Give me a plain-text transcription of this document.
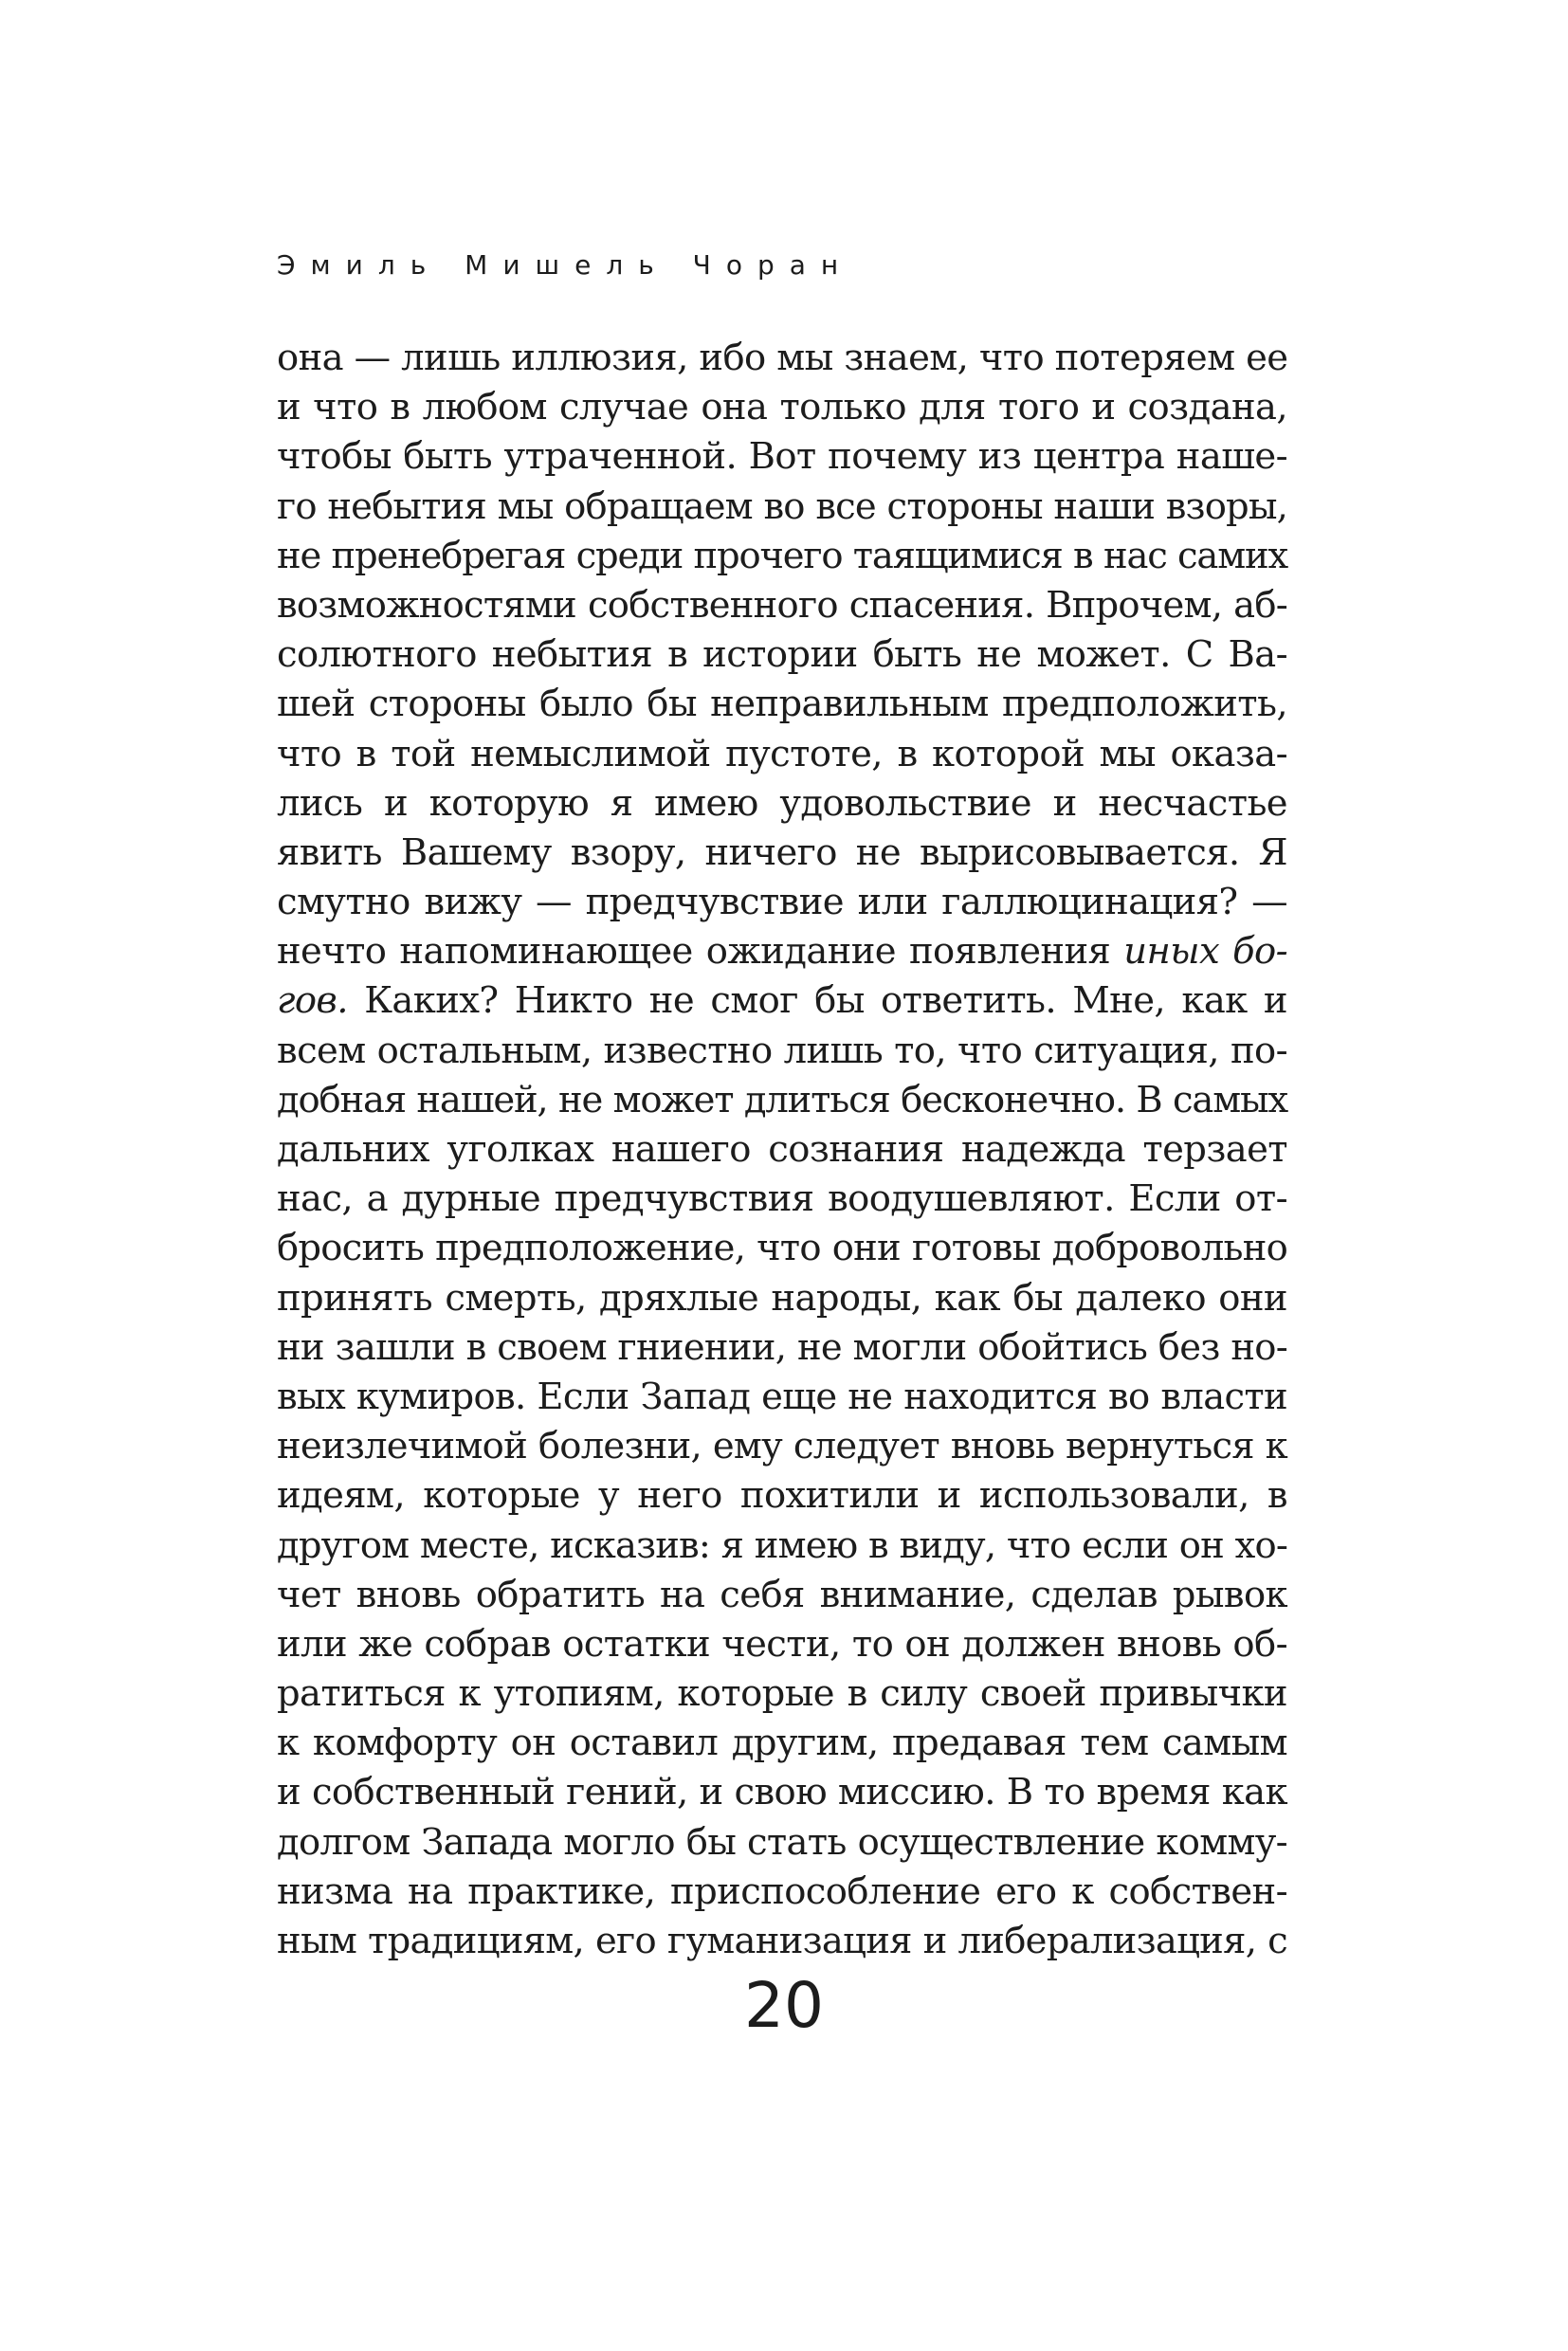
Эмиль Мишель Чоран
она — лишь иллюзия, ибо мы знаем, что потеряем ее
и что в любом случае она только для того и создана,
чтобы быть утраченной. Вот почему из центра наше-
го небытия мы обращаем во все стороны наши взоры,
не пренебрегая среди прочего таящимися в нас самих
возможностями собственного спасения. Впрочем, аб-
солютного небытия в истории быть не может. С Ва-
шей стороны было бы неправильным предположить,
что в той немыслимой пустоте, в которой мы оказа-
лись и которую я имею удовольствие и несчастье
явить Вашему взору, ничего не вырисовывается. Я
смутно вижу — предчувствие или галлюцинация? —
нечто напоминающее ожидание появления иных бо-
гов. Каких? Никто не смог бы ответить. Мне, как и
всем остальным, известно лишь то, что ситуация, по-
добная нашей, не может длиться бесконечно. В самых
дальних уголках нашего сознания надежда терзает
нас, а дурные предчувствия воодушевляют. Если от-
бросить предположение, что они готовы добровольно
принять смерть, дряхлые народы, как бы далеко они
ни зашли в своем гниении, не могли обойтись без но-
вых кумиров. Если Запад еще не находится во власти
неизлечимой болезни, ему следует вновь вернуться к
идеям, которые у него похитили и использовали, в
другом месте, исказив: я имею в виду, что если он хо-
чет вновь обратить на себя внимание, сделав рывок
или же собрав остатки чести, то он должен вновь об-
ратиться к утопиям, которые в силу своей привычки
к комфорту он оставил другим, предавая тем самым
и собственный гений, и свою миссию. В то время как
долгом Запада могло бы стать осуществление комму-
низма на практике, приспособление его к собствен-
ным традициям, его гуманизация и либерализация, с
20
